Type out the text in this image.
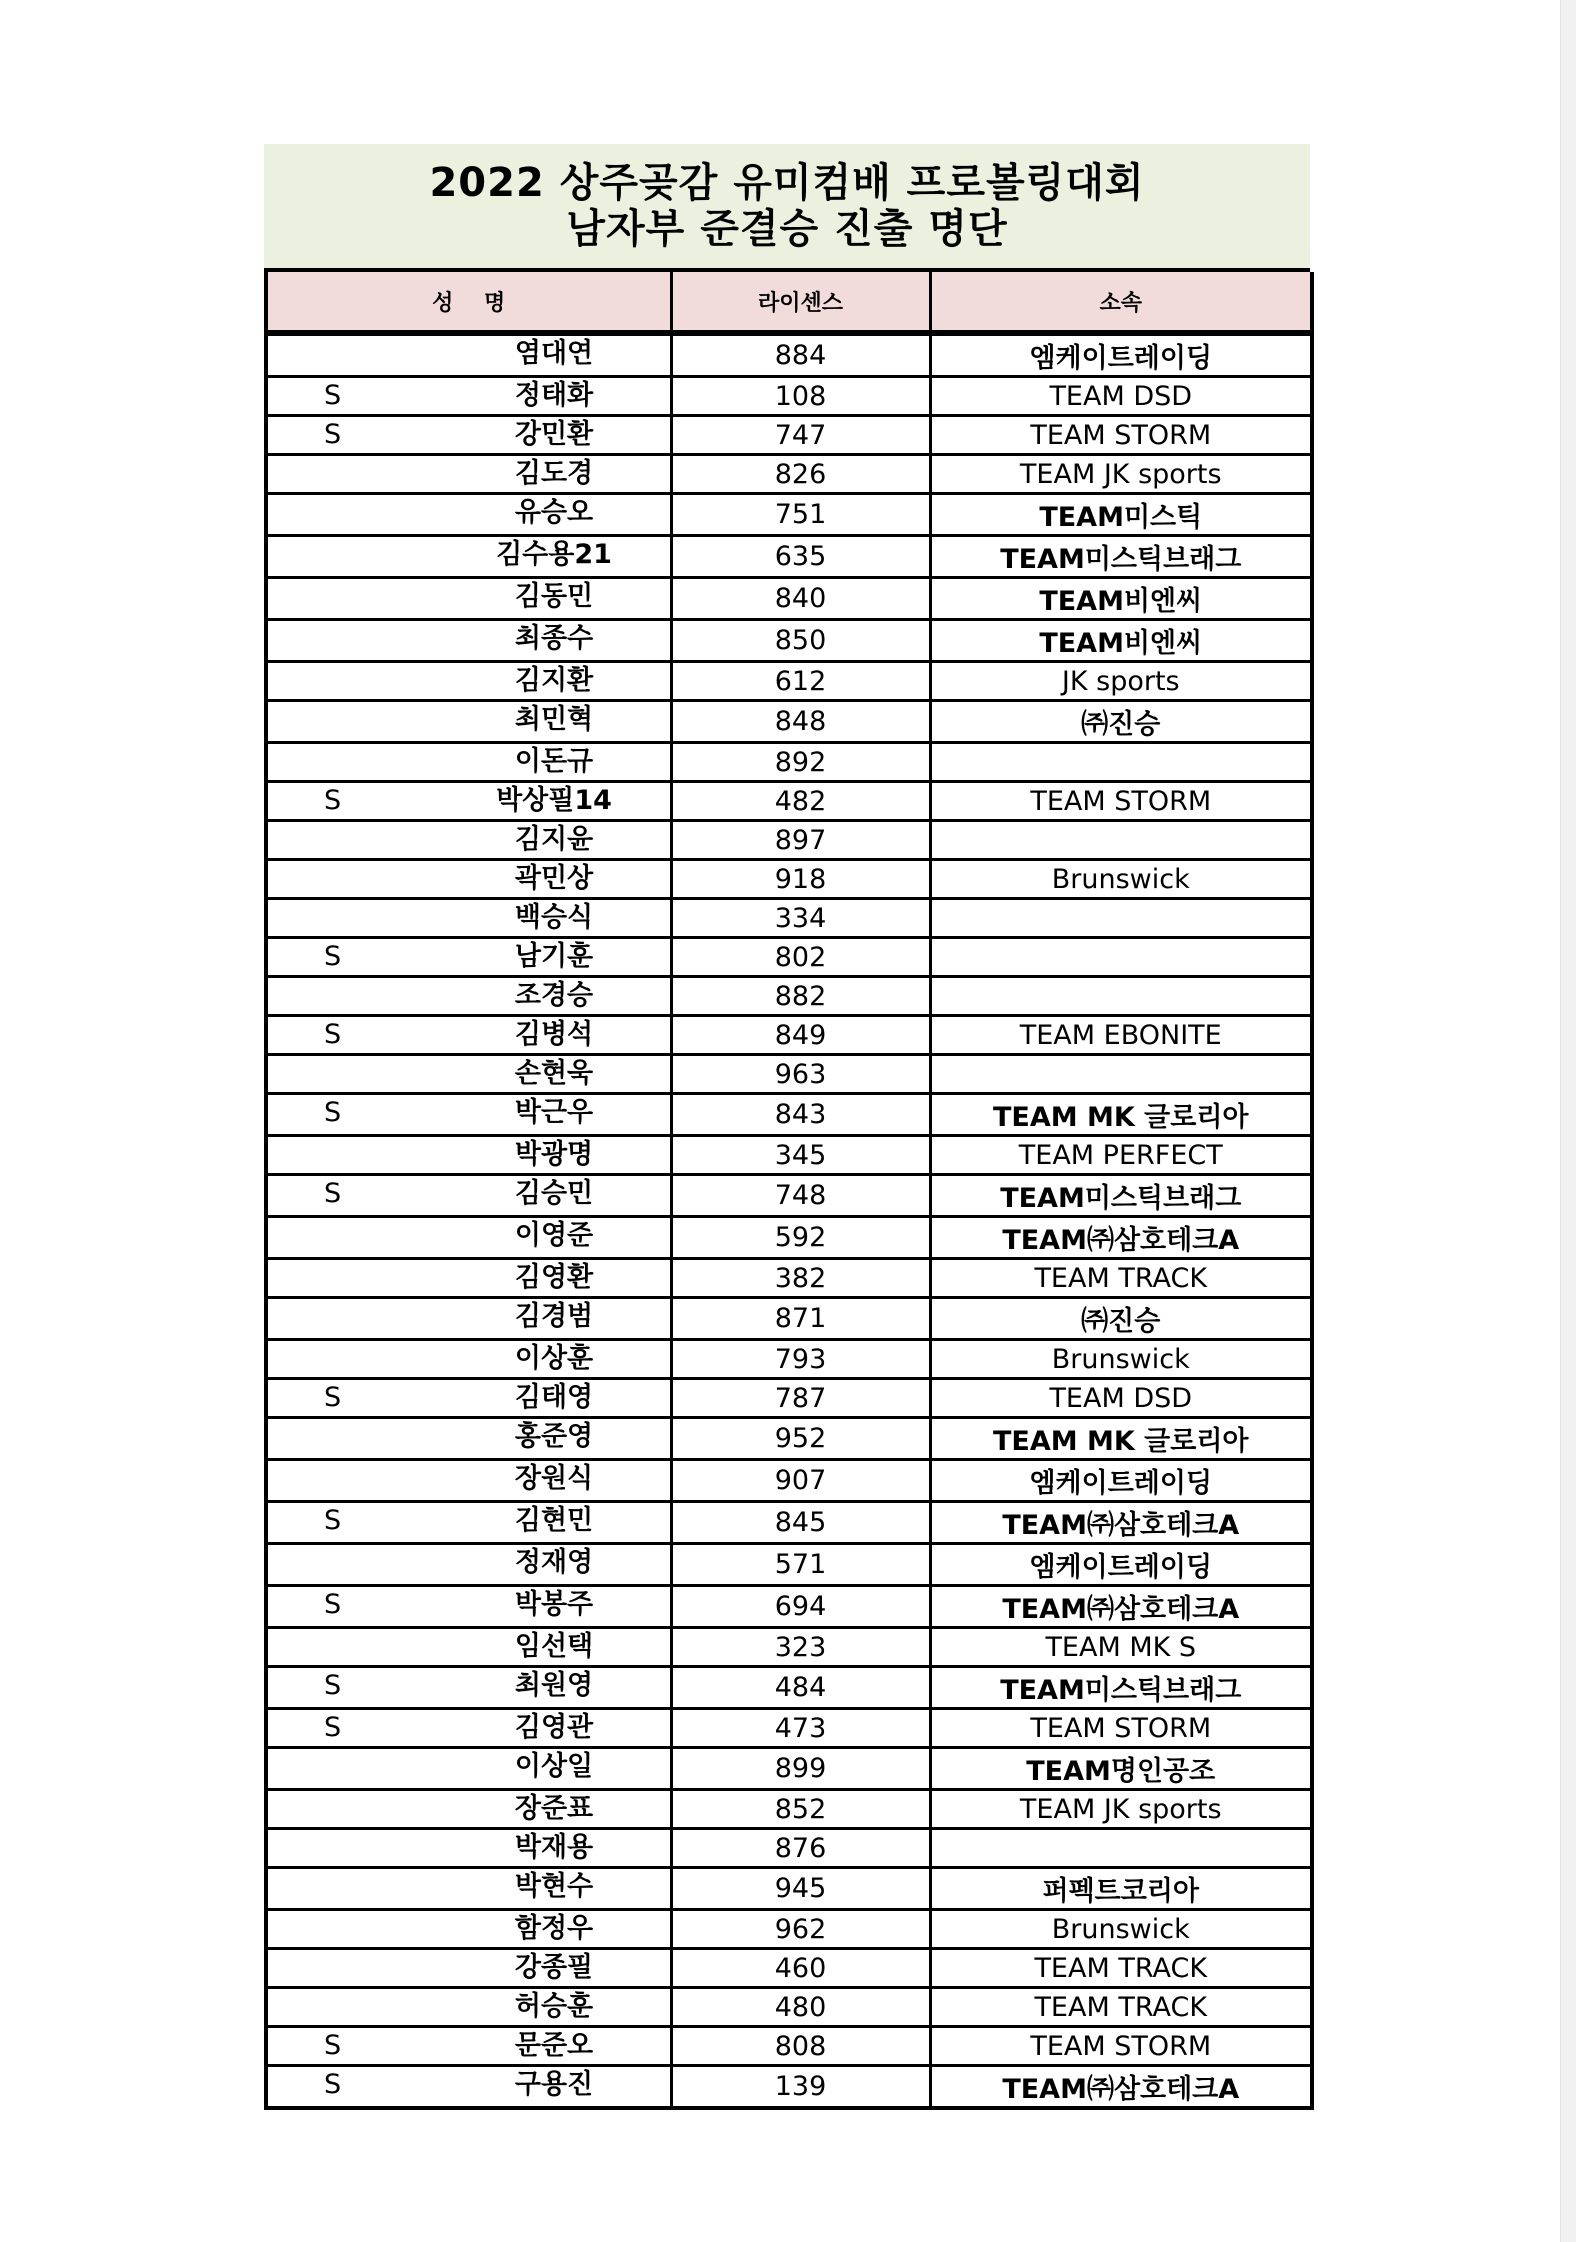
2022 상주곶감 유미컴배 프로볼링대회
남자부 준결승 진출 명단
성    명	라이센스	소속

염대연	884	엠케이트레이딩

S 정태화	108	TEAM DSD

S 강민환	747	TEAM STORM

김도경	826	TEAM JK sports

유승오	751	TEAM미스틱

김수용21	635	TEAM미스틱브래그

김동민	840	TEAM비엔씨

최종수	850	TEAM비엔씨

김지환	612	JK sports

최민혁	848	㈜진승

이돈규	892	

S 박상필14	482	TEAM STORM

김지윤	897	

곽민상	918	Brunswick

백승식	334	

S 남기훈	802	

조경승	882	

S 김병석	849	TEAM EBONITE

손현욱	963	

S 박근우	843	TEAM MK 글로리아

박광명	345	TEAM PERFECT

S 김승민	748	TEAM미스틱브래그

이영준	592	TEAM㈜삼호테크A

김영환	382	TEAM TRACK

김경범	871	㈜진승

이상훈	793	Brunswick

S 김태영	787	TEAM DSD

홍준영	952	TEAM MK 글로리아

장원식	907	엠케이트레이딩

S 김현민	845	TEAM㈜삼호테크A

정재영	571	엠케이트레이딩

S 박봉주	694	TEAM㈜삼호테크A

임선택	323	TEAM MK S

S 최원영	484	TEAM미스틱브래그

S 김영관	473	TEAM STORM

이상일	899	TEAM명인공조

장준표	852	TEAM JK sports

박재용	876	

박현수	945	퍼펙트코리아

함정우	962	Brunswick

강종필	460	TEAM TRACK

허승훈	480	TEAM TRACK

S 문준오	808	TEAM STORM

S 구용진	139	TEAM㈜삼호테크A
